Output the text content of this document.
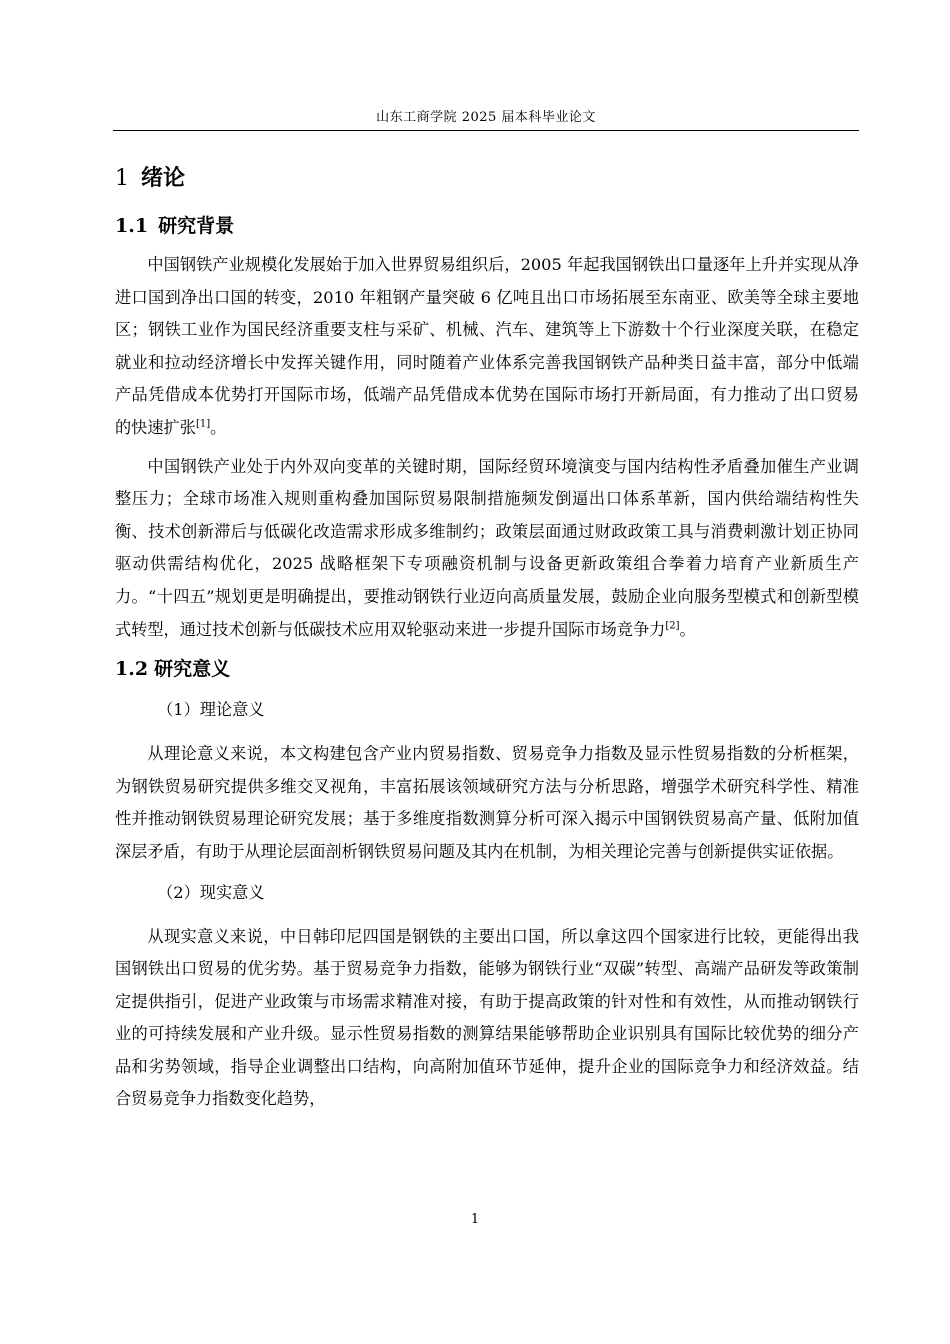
山东工商学院 2025 届本科毕业论文
1 绪论
1.1 研究背景

中国钢铁产业规模化发展始于加入世界贸易组织后，2005 年起我国钢铁出口量逐年上升并实现从净进口国到净出口国的转变，2010 年粗钢产量突破 6 亿吨且出口市场拓展至东南亚、欧美等全球主要地区；钢铁工业作为国民经济重要支柱与采矿、机械、汽车、建筑等上下游数十个行业深度关联，在稳定就业和拉动经济增长中发挥关键作用，同时随着产业体系完善我国钢铁产品种类日益丰富，部分中低端产品凭借成本优势打开国际市场，低端产品凭借成本优势在国际市场打开新局面，有力推动了出口贸易的快速扩张[1]。

中国钢铁产业处于内外双向变革的关键时期，国际经贸环境演变与国内结构性矛盾叠加催生产业调整压力；全球市场准入规则重构叠加国际贸易限制措施频发倒逼出口体系革新，国内供给端结构性失衡、技术创新滞后与低碳化改造需求形成多维制约；政策层面通过财政政策工具与消费刺激计划正协同驱动供需结构优化，2025 战略框架下专项融资机制与设备更新政策组合拳着力培育产业新质生产力。“十四五”规划更是明确提出，要推动钢铁行业迈向高质量发展，鼓励企业向服务型模式和创新型模式转型，通过技术创新与低碳技术应用双轮驱动来进一步提升国际市场竞争力[2]。

1.2 研究意义

（1）理论意义

从理论意义来说，本文构建包含产业内贸易指数、贸易竞争力指数及显示性贸易指数的分析框架，为钢铁贸易研究提供多维交叉视角，丰富拓展该领域研究方法与分析思路，增强学术研究科学性、精准性并推动钢铁贸易理论研究发展；基于多维度指数测算分析可深入揭示中国钢铁贸易高产量、低附加值深层矛盾，有助于从理论层面剖析钢铁贸易问题及其内在机制，为相关理论完善与创新提供实证依据。

（2）现实意义

从现实意义来说，中日韩印尼四国是钢铁的主要出口国，所以拿这四个国家进行比较，更能得出我国钢铁出口贸易的优劣势。基于贸易竞争力指数，能够为钢铁行业“双碳”转型、高端产品研发等政策制定提供指引，促进产业政策与市场需求精准对接，有助于提高政策的针对性和有效性，从而推动钢铁行业的可持续发展和产业升级。显示性贸易指数的测算结果能够帮助企业识别具有国际比较优势的细分产品和劣势领域，指导企业调整出口结构，向高附加值环节延伸，提升企业的国际竞争力和经济效益。结合贸易竞争力指数变化趋势，

1
